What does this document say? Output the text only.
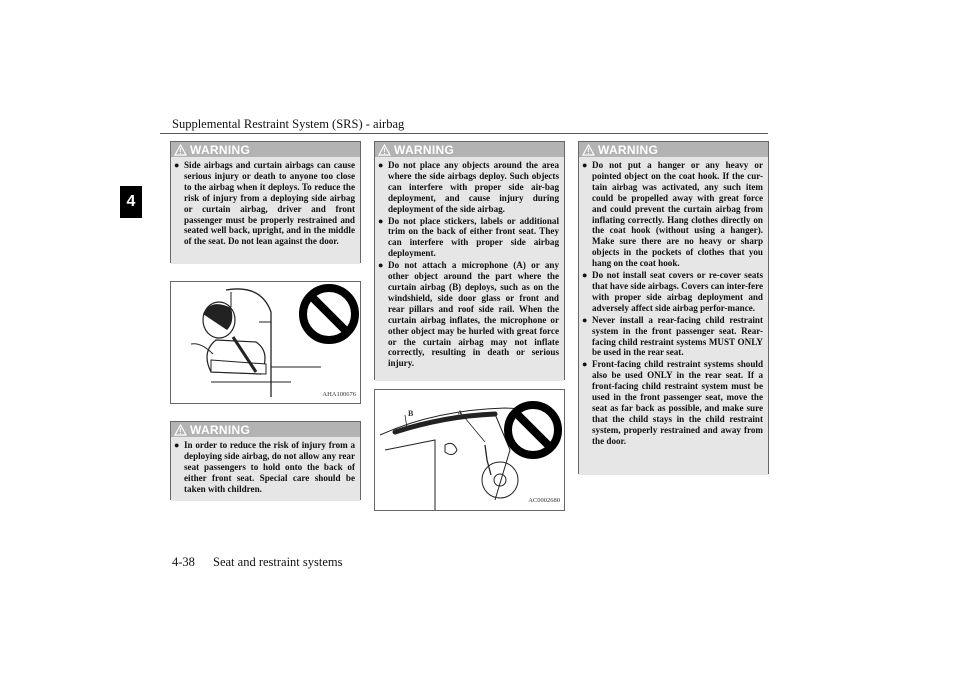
Supplemental Restraint System (SRS) - airbag
4
WARNING
● Side airbags and curtain airbags can cause serious injury or death to anyone too close to the airbag when it deploys. To reduce the risk of injury from a deploying side airbag or curtain airbag, driver and front passenger must be properly restrained and seated well back, upright, and in the middle of the seat. Do not lean against the door.
AHA100676
WARNING
● In order to reduce the risk of injury from a deploying side airbag, do not allow any rear seat passengers to hold onto the back of either front seat. Special care should be taken with children.
WARNING
● Do not place any objects around the area where the side airbags deploy. Such objects can interfere with proper side air-bag deployment, and cause injury during deployment of the side airbag.
● Do not place stickers, labels or additional trim on the back of either front seat. They can interfere with proper side airbag deployment.
● Do not attach a microphone (A) or any other object around the part where the curtain airbag (B) deploys, such as on the windshield, side door glass or front and rear pillars and roof side rail. When the curtain airbag inflates, the microphone or other object may be hurled with great force or the curtain airbag may not inflate correctly, resulting in death or serious injury.
B	A
AC0002680
WARNING
● Do not put a hanger or any heavy or pointed object on the coat hook. If the cur-tain airbag was activated, any such item could be propelled away with great force and could prevent the curtain airbag from inflating correctly. Hang clothes directly on the coat hook (without using a hanger). Make sure there are no heavy or sharp objects in the pockets of clothes that you hang on the coat hook.
● Do not install seat covers or re-cover seats that have side airbags. Covers can inter-fere with proper side airbag deployment and adversely affect side airbag perfor-mance.
● Never install a rear-facing child restraint system in the front passenger seat. Rear-facing child restraint systems MUST ONLY be used in the rear seat.
● Front-facing child restraint systems should also be used ONLY in the rear seat. If a front-facing child restraint system must be used in the front passenger seat, move the seat as far back as possible, and make sure that the child stays in the child restraint system, properly restrained and away from the door.
4-38 Seat and restraint systems
